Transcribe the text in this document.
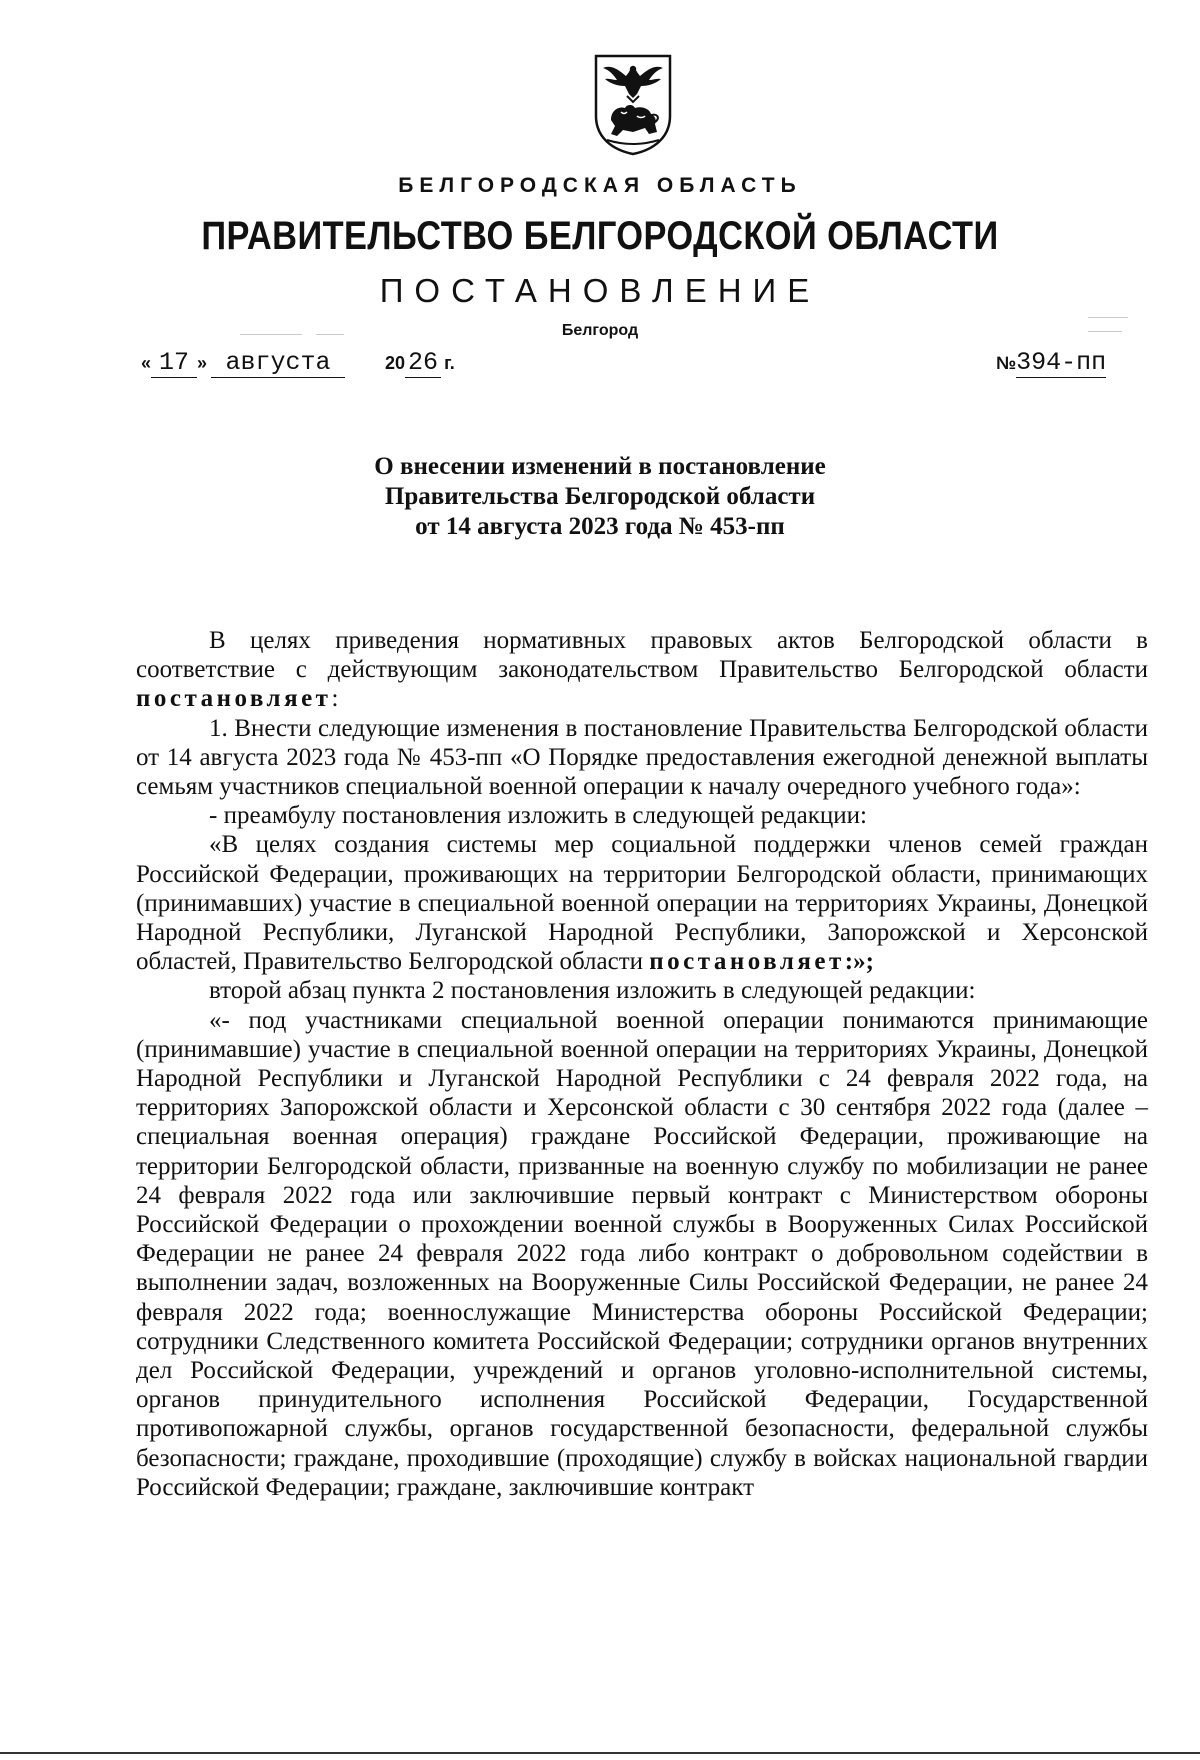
БЕЛГОРОДСКАЯ ОБЛАСТЬ
ПРАВИТЕЛЬСТВО БЕЛГОРОДСКОЙ ОБЛАСТИ
ПОСТАНОВЛЕНИЕ
Белгород
« 17 » августа	20 26 г.	№394-пп
О внесении изменений в постановление
Правительства Белгородской области
от 14 августа 2023 года № 453-пп

В целях приведения нормативных правовых актов Белгородской области в соответствие с действующим законодательством Правительство Белгородской области постановляет:

1. Внести следующие изменения в постановление Правительства Белгородской области от 14 августа 2023 года № 453-пп «О Порядке предоставления ежегодной денежной выплаты семьям участников специальной военной операции к началу очередного учебного года»:

- преамбулу постановления изложить в следующей редакции:

«В целях создания системы мер социальной поддержки членов семей граждан Российской Федерации, проживающих на территории Белгородской области, принимающих (принимавших) участие в специальной военной операции на территориях Украины, Донецкой Народной Республики, Луганской Народной Республики, Запорожской и Херсонской областей, Правительство Белгородской области постановляет:»;

второй абзац пункта 2 постановления изложить в следующей редакции:

«- под участниками специальной военной операции понимаются принимающие (принимавшие) участие в специальной военной операции на территориях Украины, Донецкой Народной Республики и Луганской Народной Республики с 24 февраля 2022 года, на территориях Запорожской области и Херсонской области с 30 сентября 2022 года (далее – специальная военная операция) граждане Российской Федерации, проживающие на территории Белгородской области, призванные на военную службу по мобилизации не ранее 24 февраля 2022 года или заключившие первый контракт с Министерством обороны Российской Федерации о прохождении военной службы в Вооруженных Силах Российской Федерации не ранее 24 февраля 2022 года либо контракт о добровольном содействии в выполнении задач, возложенных на Вооруженные Силы Российской Федерации, не ранее 24 февраля 2022 года; военнослужащие Министерства обороны Российской Федерации; сотрудники Следственного комитета Российской Федерации; сотрудники органов внутренних дел Российской Федерации, учреждений и органов уголовно-исполнительной системы, органов принудительного исполнения Российской Федерации, Государственной противопожарной службы, органов государственной безопасности, федеральной службы безопасности; граждане, проходившие (проходящие) службу в войсках национальной гвардии Российской Федерации; граждане, заключившие контракт
